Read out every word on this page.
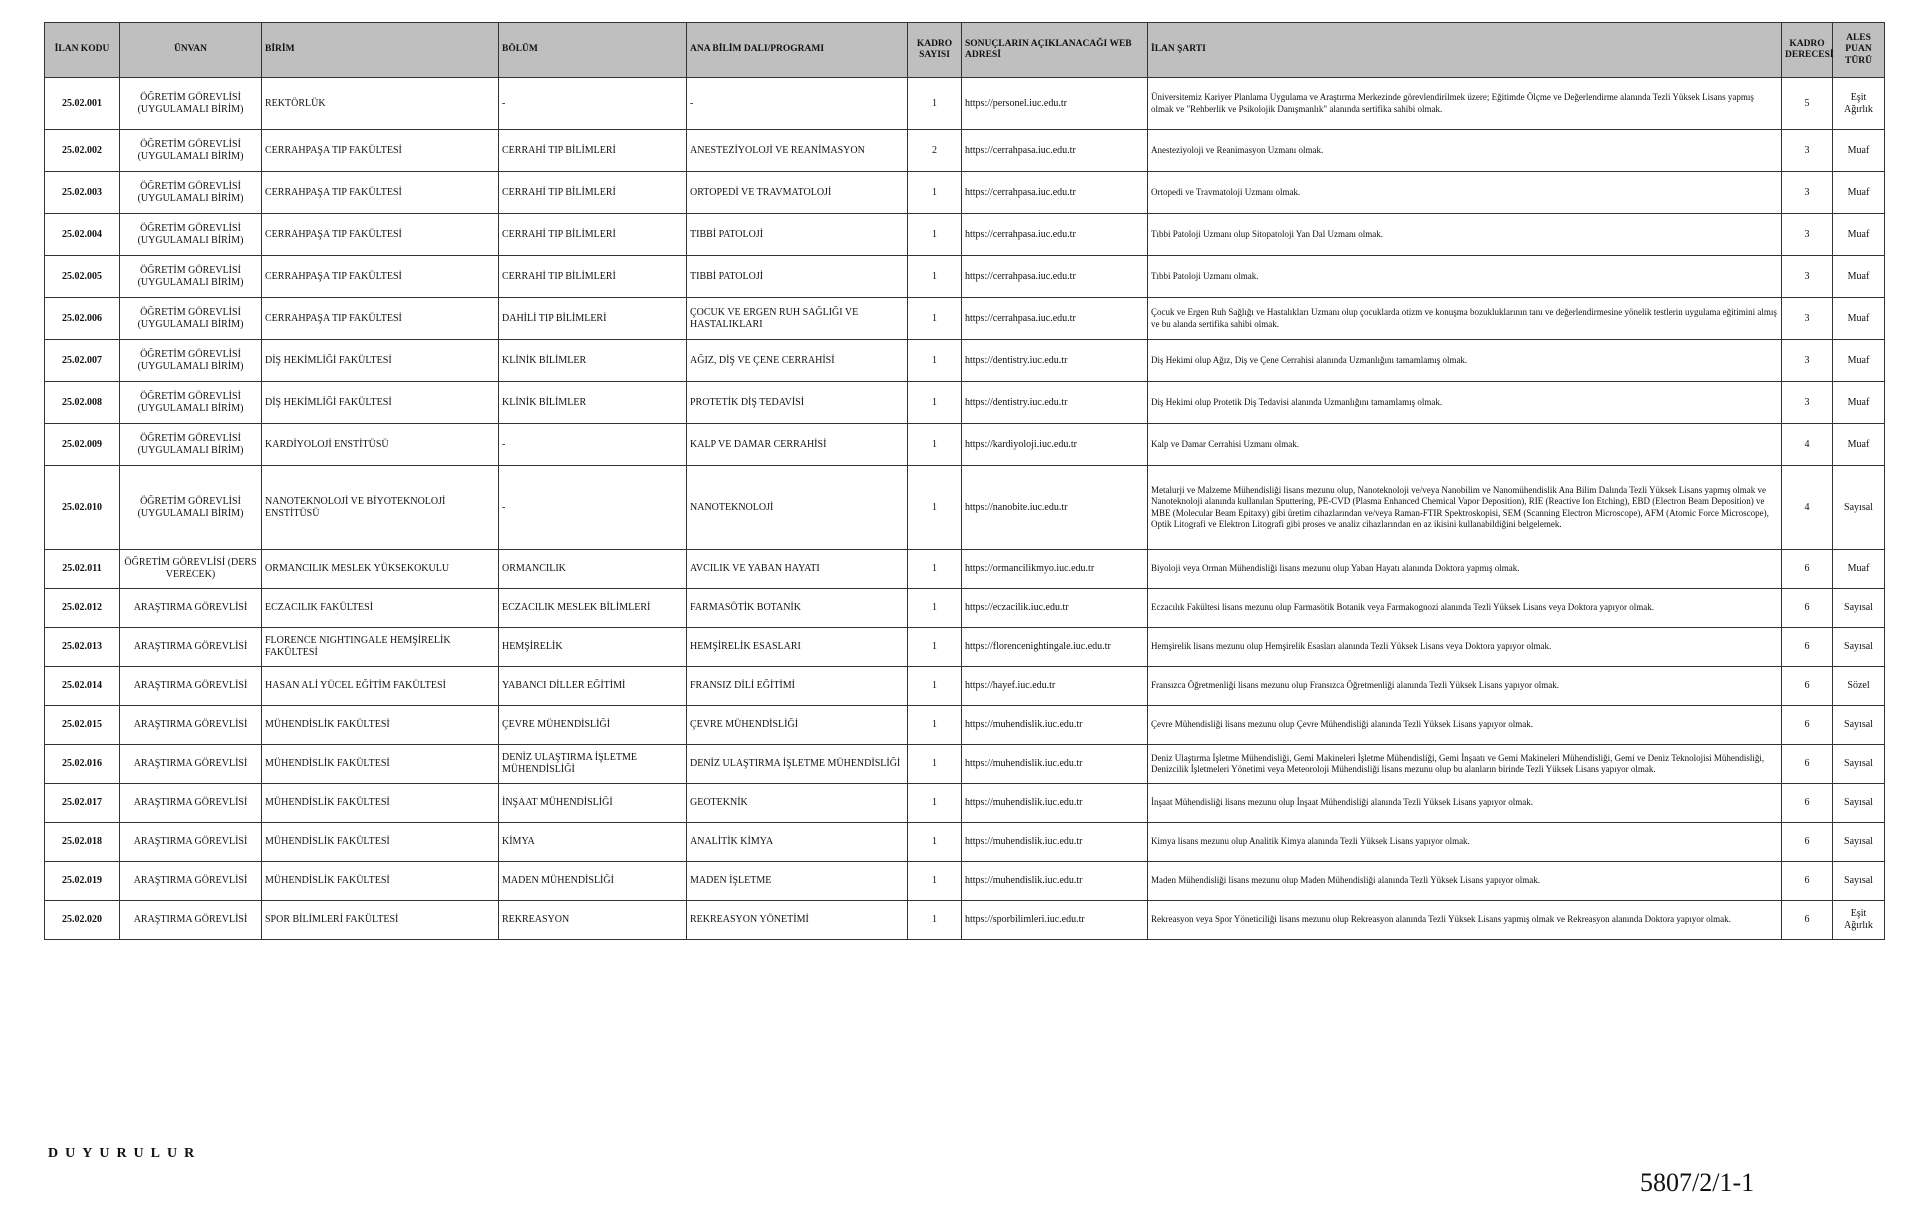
İLAN KODU	ÜNVAN	BİRİM	BÖLÜM	ANA BİLİM DALI/PROGRAMI	KADRO SAYISI	SONUÇLARIN AÇIKLANACAĞI WEB ADRESİ	İLAN ŞARTI	KADRO DERECESİ	ALES PUAN TÜRÜ
25.02.001	ÖĞRETİM GÖREVLİSİ (UYGULAMALI BİRİM)	REKTÖRLÜK	-	-	1	https://personel.iuc.edu.tr	Üniversitemiz Kariyer Planlama Uygulama ve Araştırma Merkezinde görevlendirilmek üzere; Eğitimde Ölçme ve Değerlendirme alanında Tezli Yüksek Lisans yapmış olmak ve "Rehberlik ve Psikolojik Danışmanlık" alanında sertifika sahibi olmak.	5	Eşit Ağırlık
25.02.002	ÖĞRETİM GÖREVLİSİ (UYGULAMALI BİRİM)	CERRAHPAŞA TIP FAKÜLTESİ	CERRAHİ TIP BİLİMLERİ	ANESTEZİYOLOJİ VE REANİMASYON	2	https://cerrahpasa.iuc.edu.tr	Anesteziyoloji ve Reanimasyon Uzmanı olmak.	3	Muaf
25.02.003	ÖĞRETİM GÖREVLİSİ (UYGULAMALI BİRİM)	CERRAHPAŞA TIP FAKÜLTESİ	CERRAHİ TIP BİLİMLERİ	ORTOPEDİ VE TRAVMATOLOJİ	1	https://cerrahpasa.iuc.edu.tr	Ortopedi ve Travmatoloji Uzmanı olmak.	3	Muaf
25.02.004	ÖĞRETİM GÖREVLİSİ (UYGULAMALI BİRİM)	CERRAHPAŞA TIP FAKÜLTESİ	CERRAHİ TIP BİLİMLERİ	TIBBİ PATOLOJİ	1	https://cerrahpasa.iuc.edu.tr	Tıbbi Patoloji Uzmanı olup Sitopatoloji Yan Dal Uzmanı olmak.	3	Muaf
25.02.005	ÖĞRETİM GÖREVLİSİ (UYGULAMALI BİRİM)	CERRAHPAŞA TIP FAKÜLTESİ	CERRAHİ TIP BİLİMLERİ	TIBBİ PATOLOJİ	1	https://cerrahpasa.iuc.edu.tr	Tıbbi Patoloji Uzmanı olmak.	3	Muaf
25.02.006	ÖĞRETİM GÖREVLİSİ (UYGULAMALI BİRİM)	CERRAHPAŞA TIP FAKÜLTESİ	DAHİLİ TIP BİLİMLERİ	ÇOCUK VE ERGEN RUH SAĞLIĞI VE HASTALIKLARI	1	https://cerrahpasa.iuc.edu.tr	Çocuk ve Ergen Ruh Sağlığı ve Hastalıkları Uzmanı olup çocuklarda otizm ve konuşma bozukluklarının tanı ve değerlendirmesine yönelik testlerin uygulama eğitimini almış ve bu alanda sertifika sahibi olmak.	3	Muaf
25.02.007	ÖĞRETİM GÖREVLİSİ (UYGULAMALI BİRİM)	DİŞ HEKİMLİĞİ FAKÜLTESİ	KLİNİK BİLİMLER	AĞIZ, DİŞ VE ÇENE CERRAHİSİ	1	https://dentistry.iuc.edu.tr	Diş Hekimi olup Ağız, Diş ve Çene Cerrahisi alanında Uzmanlığını tamamlamış olmak.	3	Muaf
25.02.008	ÖĞRETİM GÖREVLİSİ (UYGULAMALI BİRİM)	DİŞ HEKİMLİĞİ FAKÜLTESİ	KLİNİK BİLİMLER	PROTETİK DİŞ TEDAVİSİ	1	https://dentistry.iuc.edu.tr	Diş Hekimi olup Protetik Diş Tedavisi alanında Uzmanlığını tamamlamış olmak.	3	Muaf
25.02.009	ÖĞRETİM GÖREVLİSİ (UYGULAMALI BİRİM)	KARDİYOLOJİ ENSTİTÜSÜ	-	KALP VE DAMAR CERRAHİSİ	1	https://kardiyoloji.iuc.edu.tr	Kalp ve Damar Cerrahisi Uzmanı olmak.	4	Muaf
25.02.010	ÖĞRETİM GÖREVLİSİ (UYGULAMALI BİRİM)	NANOTEKNOLOJİ VE BİYOTEKNOLOJİ ENSTİTÜSÜ	-	NANOTEKNOLOJİ	1	https://nanobite.iuc.edu.tr	Metalurji ve Malzeme Mühendisliği lisans mezunu olup, Nanoteknoloji ve/veya Nanobilim ve Nanomühendislik Ana Bilim Dalında Tezli Yüksek Lisans yapmış olmak ve Nanoteknoloji alanında kullanılan Sputtering, PE-CVD (Plasma Enhanced Chemical Vapor Deposition), RIE (Reactive Ion Etching), EBD (Electron Beam Deposition) ve MBE (Molecular Beam Epitaxy) gibi üretim cihazlarından ve/veya Raman-FTIR Spektroskopisi, SEM (Scanning Electron Microscope), AFM (Atomic Force Microscope), Optik Litografi ve Elektron Litografi gibi proses ve analiz cihazlarından en az ikisini kullanabildiğini belgelemek.	4	Sayısal
25.02.011	ÖĞRETİM GÖREVLİSİ (DERS VERECEK)	ORMANCILIK MESLEK YÜKSEKOKULU	ORMANCILIK	AVCILIK VE YABAN HAYATI	1	https://ormancilikmyo.iuc.edu.tr	Biyoloji veya Orman Mühendisliği lisans mezunu olup Yaban Hayatı alanında Doktora yapmış olmak.	6	Muaf
25.02.012	ARAŞTIRMA GÖREVLİSİ	ECZACILIK FAKÜLTESİ	ECZACILIK MESLEK BİLİMLERİ	FARMASÖTİK BOTANİK	1	https://eczacilik.iuc.edu.tr	Eczacılık Fakültesi lisans mezunu olup Farmasötik Botanik veya Farmakognozi alanında Tezli Yüksek Lisans veya Doktora yapıyor olmak.	6	Sayısal
25.02.013	ARAŞTIRMA GÖREVLİSİ	FLORENCE NIGHTINGALE HEMŞİRELİK FAKÜLTESİ	HEMŞİRELİK	HEMŞİRELİK ESASLARI	1	https://florencenightingale.iuc.edu.tr	Hemşirelik lisans mezunu olup Hemşirelik Esasları alanında Tezli Yüksek Lisans veya Doktora yapıyor olmak.	6	Sayısal
25.02.014	ARAŞTIRMA GÖREVLİSİ	HASAN ALİ YÜCEL EĞİTİM FAKÜLTESİ	YABANCI DİLLER EĞİTİMİ	FRANSIZ DİLİ EĞİTİMİ	1	https://hayef.iuc.edu.tr	Fransızca Öğretmenliği lisans mezunu olup Fransızca Öğretmenliği alanında Tezli Yüksek Lisans yapıyor olmak.	6	Sözel
25.02.015	ARAŞTIRMA GÖREVLİSİ	MÜHENDİSLİK FAKÜLTESİ	ÇEVRE MÜHENDİSLİĞİ	ÇEVRE MÜHENDİSLİĞİ	1	https://muhendislik.iuc.edu.tr	Çevre Mühendisliği lisans mezunu olup Çevre Mühendisliği alanında Tezli Yüksek Lisans yapıyor olmak.	6	Sayısal
25.02.016	ARAŞTIRMA GÖREVLİSİ	MÜHENDİSLİK FAKÜLTESİ	DENİZ ULAŞTIRMA İŞLETME MÜHENDİSLİĞİ	DENİZ ULAŞTIRMA İŞLETME MÜHENDİSLİĞİ	1	https://muhendislik.iuc.edu.tr	Deniz Ulaştırma İşletme Mühendisliği, Gemi Makineleri İşletme Mühendisliği, Gemi İnşaatı ve Gemi Makineleri Mühendisliği, Gemi ve Deniz Teknolojisi Mühendisliği, Denizcilik İşletmeleri Yönetimi veya Meteoroloji Mühendisliği lisans mezunu olup bu alanların birinde Tezli Yüksek Lisans yapıyor olmak.	6	Sayısal
25.02.017	ARAŞTIRMA GÖREVLİSİ	MÜHENDİSLİK FAKÜLTESİ	İNŞAAT MÜHENDİSLİĞİ	GEOTEKNİK	1	https://muhendislik.iuc.edu.tr	İnşaat Mühendisliği lisans mezunu olup İnşaat Mühendisliği alanında Tezli Yüksek Lisans yapıyor olmak.	6	Sayısal
25.02.018	ARAŞTIRMA GÖREVLİSİ	MÜHENDİSLİK FAKÜLTESİ	KİMYA	ANALİTİK KİMYA	1	https://muhendislik.iuc.edu.tr	Kimya lisans mezunu olup Analitik Kimya alanında Tezli Yüksek Lisans yapıyor olmak.	6	Sayısal
25.02.019	ARAŞTIRMA GÖREVLİSİ	MÜHENDİSLİK FAKÜLTESİ	MADEN MÜHENDİSLİĞİ	MADEN İŞLETME	1	https://muhendislik.iuc.edu.tr	Maden Mühendisliği lisans mezunu olup Maden Mühendisliği alanında Tezli Yüksek Lisans yapıyor olmak.	6	Sayısal
25.02.020	ARAŞTIRMA GÖREVLİSİ	SPOR BİLİMLERİ FAKÜLTESİ	REKREASYON	REKREASYON YÖNETİMİ	1	https://sporbilimleri.iuc.edu.tr	Rekreasyon veya Spor Yöneticiliği lisans mezunu olup Rekreasyon alanında Tezli Yüksek Lisans yapmış olmak ve Rekreasyon alanında Doktora yapıyor olmak.	6	Eşit Ağırlık
DUYURULUR
5807/2/1-1
